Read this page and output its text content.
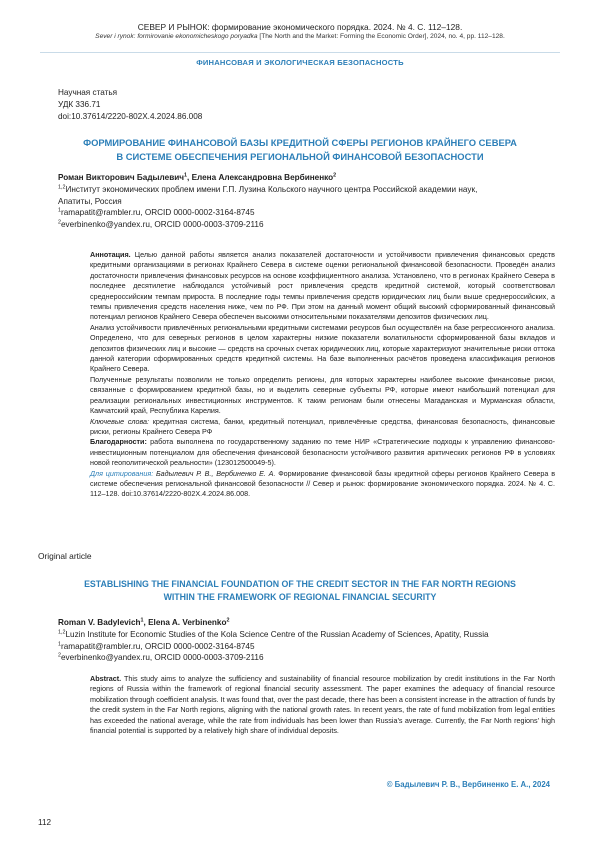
СЕВЕР И РЫНОК: формирование экономического порядка. 2024. № 4. С. 112–128.
Sever i rynok: formirovanie ekonomicheskogo poryadka [The North and the Market: Forming the Economic Order], 2024, no. 4, pp. 112–128.
ФИНАНСОВАЯ И ЭКОЛОГИЧЕСКАЯ БЕЗОПАСНОСТЬ
Научная статья
УДК 336.71
doi:10.37614/2220-802X.4.2024.86.008
ФОРМИРОВАНИЕ ФИНАНСОВОЙ БАЗЫ КРЕДИТНОЙ СФЕРЫ РЕГИОНОВ КРАЙНЕГО СЕВЕРА
В СИСТЕМЕ ОБЕСПЕЧЕНИЯ РЕГИОНАЛЬНОЙ ФИНАНСОВОЙ БЕЗОПАСНОСТИ
Роман Викторович Бадылевич$^1$, Елена Александровна Вербиненко$^2$
$^{1,2}$Институт экономических проблем имени Г.П. Лузина Кольского научного центра Российской академии наук,
Апатиты, Россия
$^1$ramapatit@rambler.ru, ORCID 0000-0002-3164-8745
$^2$everbinenko@yandex.ru, ORCID 0000-0003-3709-2116

Аннотация. Целью данной работы является анализ показателей достаточности и устойчивости привлечения финансовых средств кредитными организациями в регионах Крайнего Севера в системе оценки региональной финансовой безопасности. Проведён анализ достаточности привлечения финансовых ресурсов на основе коэффициентного анализа. Установлено, что в регионах Крайнего Севера в последнее десятилетие наблюдался устойчивый рост привлечения средств кредитной системой, который соответствовал среднероссийским темпам прироста. В последние годы темпы привлечения средств юридических лиц были выше среднероссийских, а темпы привлечения средств населения ниже, чем по РФ. При этом на данный момент общий высокий сформированный финансовый потенциал регионов Крайнего Севера обеспечен высокими относительными показателями депозитов физических лиц.

Анализ устойчивости привлечённых региональными кредитными системами ресурсов был осуществлён на базе регрессионного анализа. Определено, что для северных регионов в целом характерны низкие показатели волатильности сформированной базы вкладов и депозитов физических лиц и высокие — средств на срочных счетах юридических лиц, которые характеризуют значительные риски оттока данной категории сформированных средств кредитной системы. На базе выполненных расчётов проведена классификация регионов Крайнего Севера.

Полученные результаты позволили не только определить регионы, для которых характерны наиболее высокие финансовые риски, связанные с формированием кредитной базы, но и выделить северные субъекты РФ, которые имеют наибольший потенциал для реализации региональных инвестиционных инструментов. К таким регионам были отнесены Магаданская и Мурманская области, Камчатский край, Республика Карелия.

Ключевые слова: кредитная система, банки, кредитный потенциал, привлечённые средства, финансовая безопасность, финансовые риски, регионы Крайнего Севера РФ

Благодарности: работа выполнена по государственному заданию по теме НИР «Стратегические подходы к управлению финансово-инвестиционным потенциалом для обеспечения финансовой безопасности устойчивого развития арктических регионов РФ в условиях новой геополитической реальности» (123012500049-5).

Для цитирования: Бадылевич Р. В., Вербиненко Е. А. Формирование финансовой базы кредитной сферы регионов Крайнего Севера в системе обеспечения региональной финансовой безопасности // Север и рынок: формирование экономического порядка. 2024. № 4. С. 112–128. doi:10.37614/2220-802X.4.2024.86.008.

Original article
ESTABLISHING THE FINANCIAL FOUNDATION OF THE CREDIT SECTOR IN THE FAR NORTH REGIONS
WITHIN THE FRAMEWORK OF REGIONAL FINANCIAL SECURITY
Roman V. Badylevich$^1$, Elena A. Verbinenko$^2$
$^{1,2}$Luzin Institute for Economic Studies of the Kola Science Centre of the Russian Academy of Sciences, Apatity, Russia
$^1$ramapatit@rambler.ru, ORCID 0000-0002-3164-8745
$^2$everbinenko@yandex.ru, ORCID 0000-0003-3709-2116

Abstract. This study aims to analyze the sufficiency and sustainability of financial resource mobilization by credit institutions in the Far North regions of Russia within the framework of regional financial security assessment. The paper examines the adequacy of financial resource mobilization through coefficient analysis. It was found that, over the past decade, there has been a consistent increase in the attraction of funds by the credit system in the Far North regions, aligning with the national growth rates. In recent years, the rate of fund mobilization from legal entities has exceeded the national average, while the rate from individuals has been lower than Russia’s average. Currently, the Far North regions’ high financial potential is supported by a relatively high share of individual deposits.

© Бадылевич Р. В., Вербиненко Е. А., 2024
112
